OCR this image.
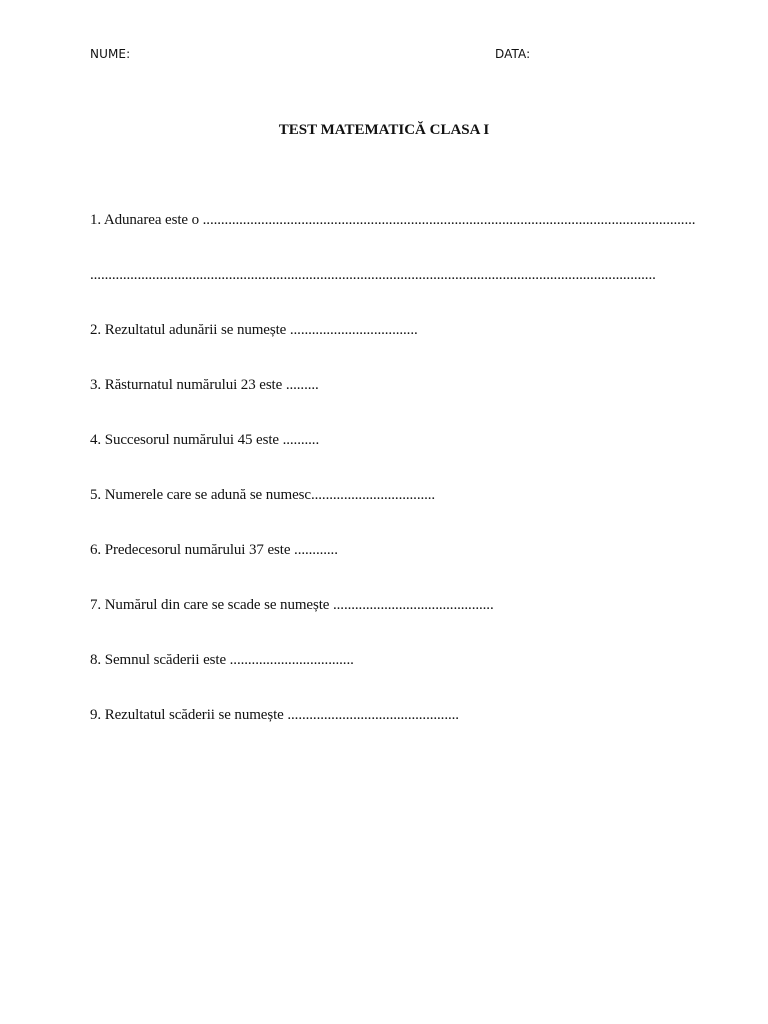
NUME:	DATA:
TEST MATEMATICĂ CLASA I
1. Adunarea este o .......................................................................................................................................
...........................................................................................................................................................
2. Rezultatul adunării se numește ...................................
3. Răsturnatul numărului 23 este .........
4. Succesorul numărului 45 este ..........
5. Numerele care se adună se numesc..................................
6. Predecesorul numărului 37 este ............
7. Numărul din care se scade se numește ............................................
8. Semnul scăderii este ..................................
9. Rezultatul scăderii se numește ...............................................
